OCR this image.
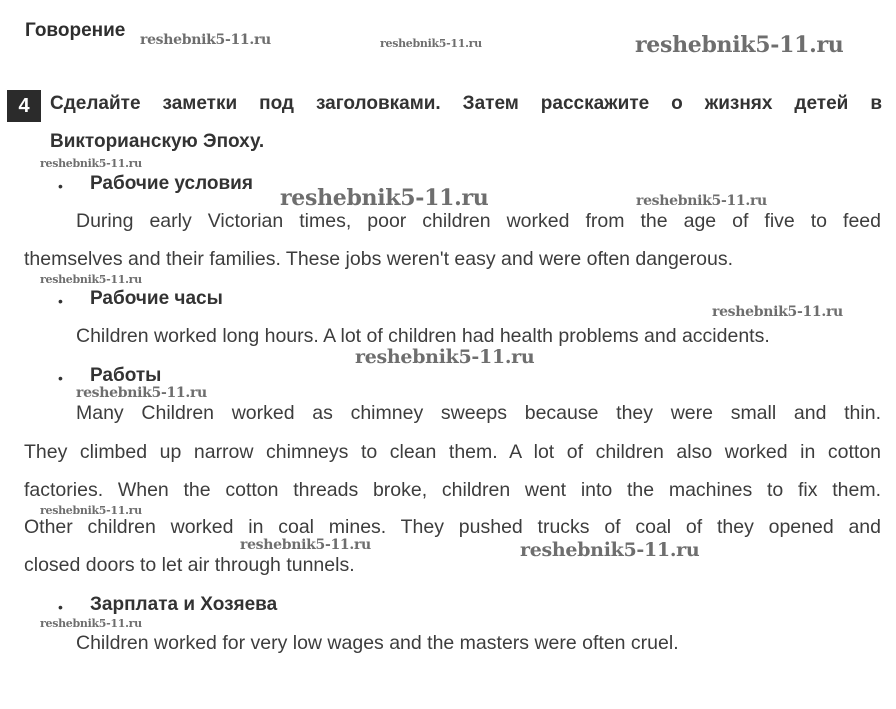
Говорение
4	Сделайте заметки под заголовками. Затем расскажите о жизнях детей в
Викторианскую Эпоху.
• Рабочие условия
During early Victorian times, poor children worked from the age of five to feed
themselves and their families. These jobs weren't easy and were often dangerous.
• Рабочие часы
Children worked long hours. A lot of children had health problems and accidents.
• Работы
Many Children worked as chimney sweeps because they were small and thin.
They climbed up narrow chimneys to clean them. A lot of children also worked in cotton
factories. When the cotton threads broke, children went into the machines to fix them.
Other children worked in coal mines. They pushed trucks of coal of they opened and
closed doors to let air through tunnels.
• Зарплата и Хозяева
Children worked for very low wages and the masters were often cruel.
reshebnik5-11.ru	reshebnik5-11.ru	reshebnik5-11.ru
reshebnik5-11.ru
reshebnik5-11.ru	reshebnik5-11.ru
reshebnik5-11.ru
reshebnik5-11.ru
reshebnik5-11.ru
reshebnik5-11.ru
reshebnik5-11.ru
reshebnik5-11.ru	reshebnik5-11.ru
reshebnik5-11.ru
